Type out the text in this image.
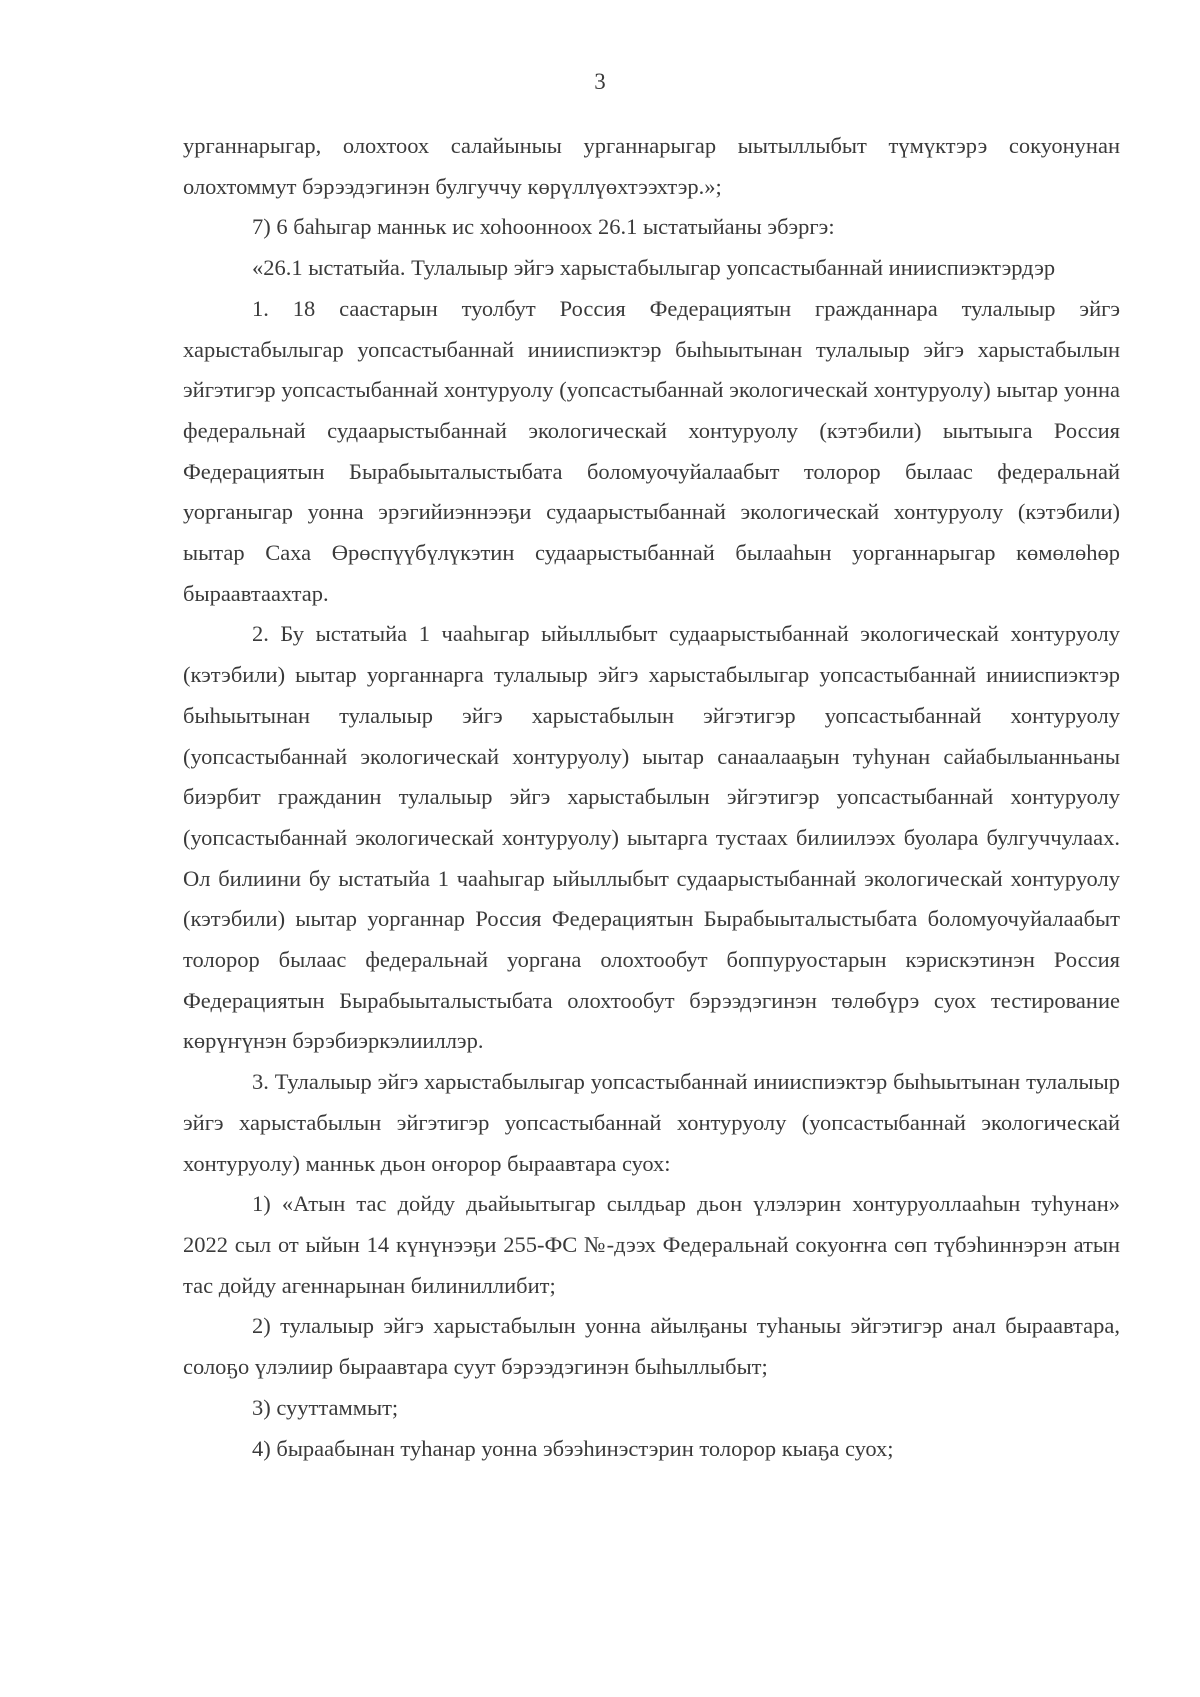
3

урганнарыгар, олохтоох салайыныы урганнарыгар ыытыллыбыт түмүктэрэ сокуонунан олохтоммут бэрээдэгинэн булгуччу көрүллүөхтээхтэр.»;

7) 6 баһыгар манньк ис хоһоонноох 26.1 ыстатыйаны эбэргэ:

«26.1 ыстатыйа. Тулалыыр эйгэ харыстабылыгар уопсастыбаннай инииспиэктэрдэр

1. 18 саастарын туолбут Россия Федерациятын гражданнара тулалыыр эйгэ харыстабылыгар уопсастыбаннай инииспиэктэр быһыытынан тулалыыр эйгэ харыстабылын эйгэтигэр уопсастыбаннай хонтуруолу (уопсастыбаннай экологическай хонтуруолу) ыытар уонна федеральнай судаарыстыбаннай экологическай хонтуруолу (кэтэбили) ыытыыга Россия Федерациятын Бырабыыталыстыбата боломуочуйалаабыт толорор былаас федеральнай уорганыгар уонна эрэгийиэннээҕи судаарыстыбаннай экологическай хонтуруолу (кэтэбили) ыытар Саха Өрөспүүбүлүкэтин судаарыстыбаннай былааһын уорганнарыгар көмөлөһөр быраавтаахтар.

2. Бу ыстатыйа 1 чааһыгар ыйыллыбыт судаарыстыбаннай экологическай хонтуруолу (кэтэбили) ыытар уорганнарга тулалыыр эйгэ харыстабылыгар уопсастыбаннай инииспиэктэр быһыытынан тулалыыр эйгэ харыстабылын эйгэтигэр уопсастыбаннай хонтуруолу (уопсастыбаннай экологическай хонтуруолу) ыытар санаалааҕын туһунан сайабылыанньаны биэрбит гражданин тулалыыр эйгэ харыстабылын эйгэтигэр уопсастыбаннай хонтуруолу (уопсастыбаннай экологическай хонтуруолу) ыытарга тустаах билиилээх буолара булгуччулаах. Ол билиини бу ыстатыйа 1 чааһыгар ыйыллыбыт судаарыстыбаннай экологическай хонтуруолу (кэтэбили) ыытар уорганнар Россия Федерациятын Бырабыыталыстыбата боломуочуйалаабыт толорор былаас федеральнай уоргана олохтообут боппуруостарын кэрискэтинэн Россия Федерациятын Бырабыыталыстыбата олохтообут бэрээдэгинэн төлөбүрэ суох тестирование көрүҥүнэн бэрэбиэркэлииллэр.

3. Тулалыыр эйгэ харыстабылыгар уопсастыбаннай инииспиэктэр быһыытынан тулалыыр эйгэ харыстабылын эйгэтигэр уопсастыбаннай хонтуруолу (уопсастыбаннай экологическай хонтуруолу) манньк дьон оҥорор быраавтара суох:

1) «Атын тас дойду дьайыытыгар сылдьар дьон үлэлэрин хонтуруоллааһын туһунан» 2022 сыл от ыйын 14 күнүнээҕи 255-ФС №-дээх Федеральнай сокуоҥҥа сөп түбэһиннэрэн атын тас дойду агеннарынан билиниллибит;

2) тулалыыр эйгэ харыстабылын уонна айылҕаны туһаныы эйгэтигэр анал быраавтара, солоҕо үлэлиир быраавтара суут бэрээдэгинэн быһыллыбыт;

3) сууттаммыт;

4) быраабынан туһанар уонна эбээһинэстэрин толорор кыаҕа суох;
